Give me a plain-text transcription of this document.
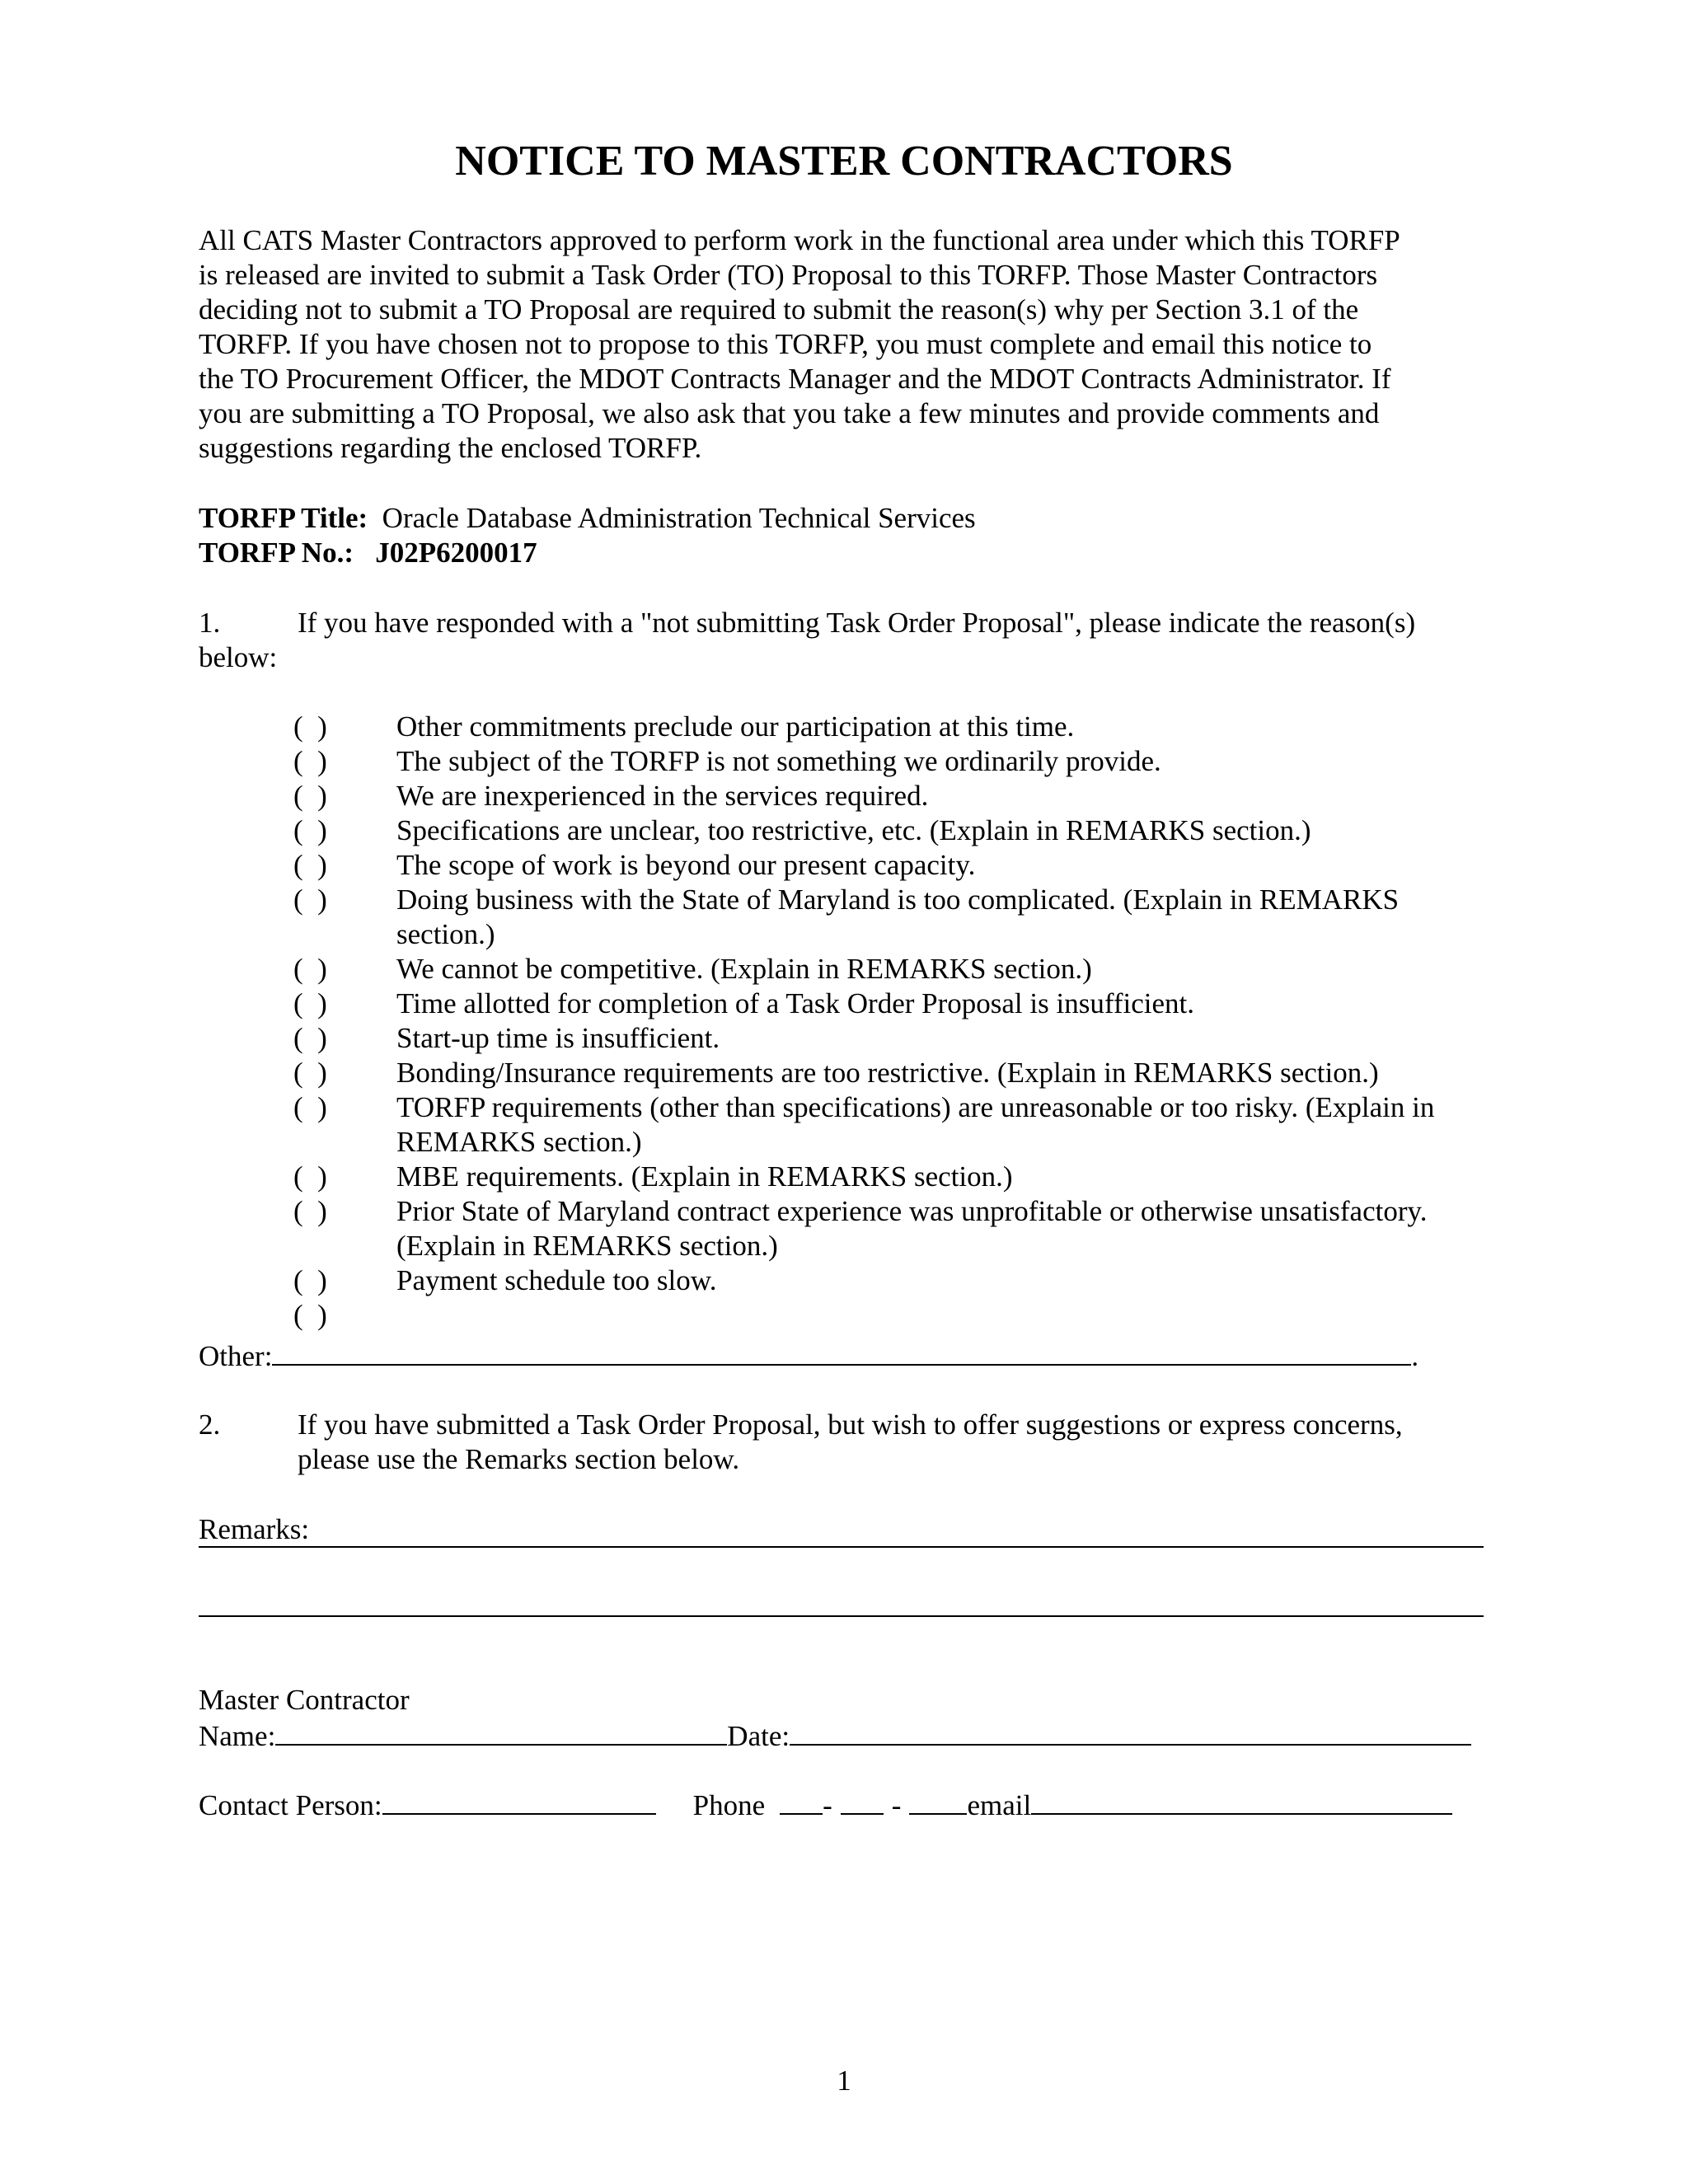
NOTICE TO MASTER CONTRACTORS
All CATS Master Contractors approved to perform work in the functional area under which this TORFP
is released are invited to submit a Task Order (TO) Proposal to this TORFP. Those Master Contractors
deciding not to submit a TO Proposal are required to submit the reason(s) why per Section 3.1 of the
TORFP. If you have chosen not to propose to this TORFP, you must complete and email this notice to
the TO Procurement Officer, the MDOT Contracts Manager and the MDOT Contracts Administrator. If
you are submitting a TO Proposal, we also ask that you take a few minutes and provide comments and
suggestions regarding the enclosed TORFP.
TORFP Title: Oracle Database Administration Technical Services
TORFP No.: J02P6200017
1.	If you have responded with a "not submitting Task Order Proposal", please indicate the reason(s)
below:
(  )	Other commitments preclude our participation at this time.
(  )	The subject of the TORFP is not something we ordinarily provide.
(  )	We are inexperienced in the services required.
(  )	Specifications are unclear, too restrictive, etc. (Explain in REMARKS section.)
(  )	The scope of work is beyond our present capacity.
(  )	Doing business with the State of Maryland is too complicated. (Explain in REMARKS section.)
(  )	We cannot be competitive. (Explain in REMARKS section.)
(  )	Time allotted for completion of a Task Order Proposal is insufficient.
(  )	Start-up time is insufficient.
(  )	Bonding/Insurance requirements are too restrictive. (Explain in REMARKS section.)
(  )	TORFP requirements (other than specifications) are unreasonable or too risky. (Explain in REMARKS section.)
(  )	MBE requirements. (Explain in REMARKS section.)
(  )	Prior State of Maryland contract experience was unprofitable or otherwise unsatisfactory. (Explain in REMARKS section.)
(  )	Payment schedule too slow.
(  )
Other:	.
2.	If you have submitted a Task Order Proposal, but wish to offer suggestions or express concerns,
please use the Remarks section below.
Remarks:
Master Contractor
Name:	Date:
Contact Person:	Phone - - email
1
